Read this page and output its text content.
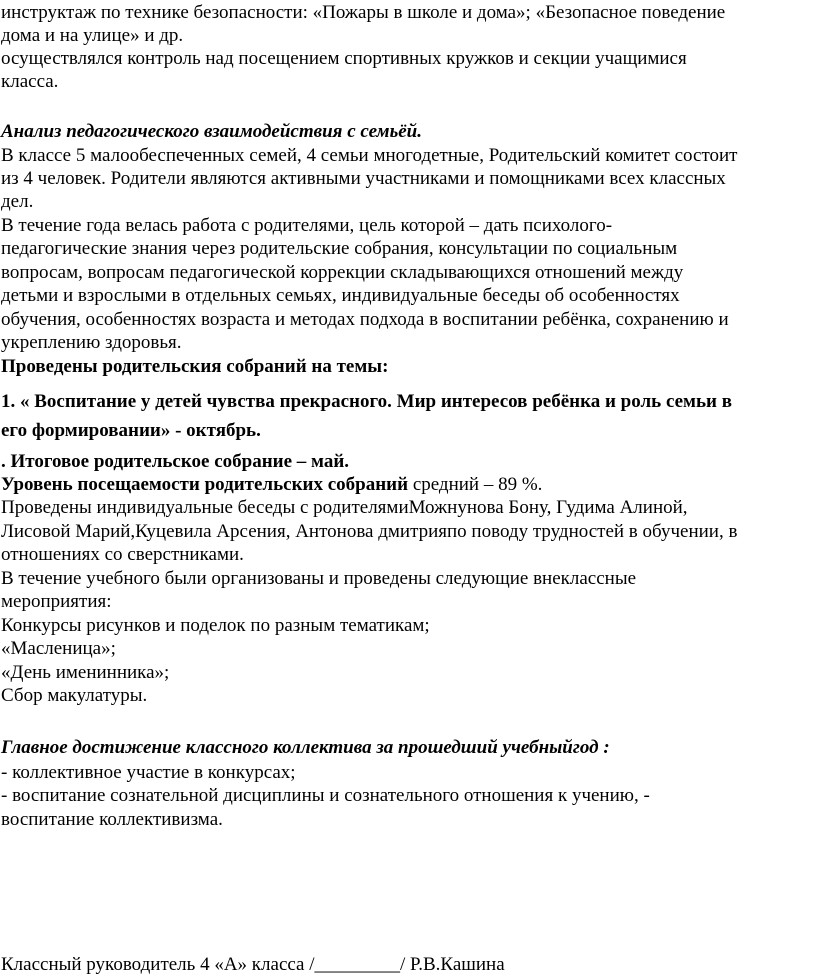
инструктаж по технике безопасности: «Пожары в школе и дома»; «Безопасное поведение
дома и на улице» и др.
осуществлялся контроль над посещением спортивных кружков и секции учащимися
класса.
Анализ педагогического взаимодействия с семьёй.
В классе 5 малообеспеченных семей, 4 семьи многодетные, Родительский комитет состоит
из 4 человек. Родители являются активными участниками и помощниками всех классных
дел.
В течение года велась работа с родителями, цель которой – дать психолого-
педагогические знания через родительские собрания, консультации по социальным
вопросам, вопросам педагогической коррекции складывающихся отношений между
детьми и взрослыми в отдельных семьях, индивидуальные беседы об особенностях
обучения, особенностях возраста и методах подхода в воспитании ребёнка, сохранению и
укреплению здоровья.
Проведены родительския собраний на темы:
1. « Воспитание у детей чувства прекрасного. Мир интересов ребёнка и роль семьи в
его формировании» - октябрь.
. Итоговое родительское собрание – май.
Уровень посещаемости родительских собраний средний – 89 %.
Проведены индивидуальные беседы с родителямиМожнунова Бону, Гудима Алиной,
Лисовой Марий,Куцевила Арсения, Антонова дмитрияпо поводу трудностей в обучении, в
отношениях со сверстниками.
В течение учебного были организованы и проведены следующие внеклассные
мероприятия:
Конкурсы рисунков и поделок по разным тематикам;
«Масленица»;
«День именинника»;
Сбор макулатуры.
Главное достижение классного коллектива за прошедший учебныйгод :
- коллективное участие в конкурсах;
- воспитание сознательной дисциплины и сознательного отношения к учению, -
воспитание коллективизма.
Классный руководитель 4 «А» класса /_________/ Р.В.Кашина
